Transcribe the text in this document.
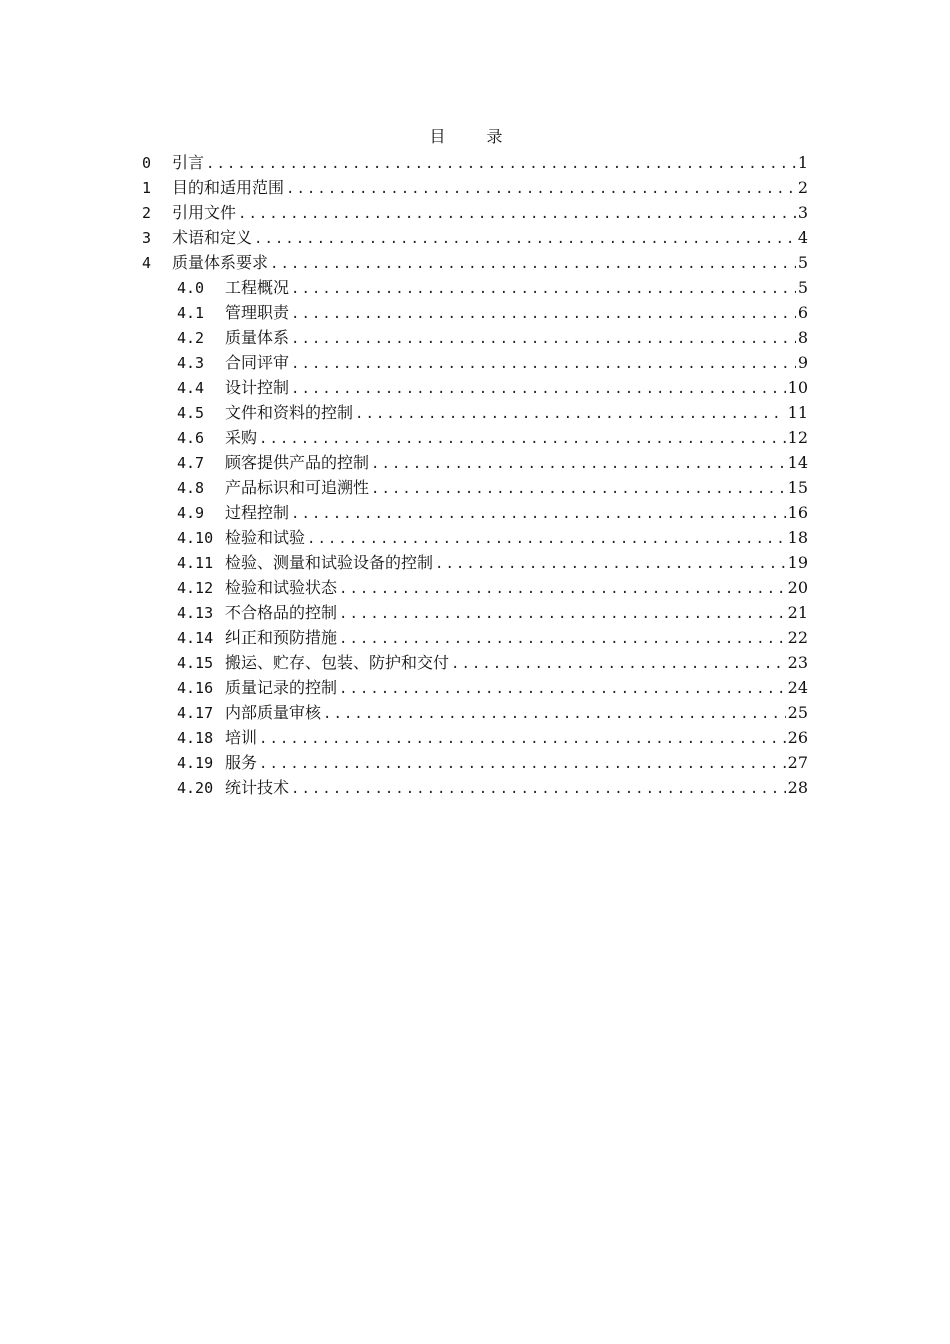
目 录
0	引言 .....	1
1	目的和适用范围 .....	2
2	引用文件 .....	3
3	术语和定义 .....	4
4	质量体系要求 .....	5
4.0	工程概况 .....	5
4.1	管理职责 .....	6
4.2	质量体系 .....	8
4.3	合同评审 .....	9
4.4	设计控制 .....	10
4.5	文件和资料的控制 .....	11
4.6	采购 .....	12
4.7	顾客提供产品的控制 .....	14
4.8	产品标识和可追溯性 .....	15
4.9	过程控制 .....	16
4.10 检验和试验 .....	18
4.11 检验、测量和试验设备的控制 .....	19
4.12 检验和试验状态 .....	20
4.13 不合格品的控制 .....	21
4.14 纠正和预防措施 .....	22
4.15 搬运、贮存、包装、防护和交付 .....	23
4.16 质量记录的控制 .....	24
4.17 内部质量审核 .....	25
4.18 培训 .....	26
4.19 服务 .....	27
4.20 统计技术 .....	28
